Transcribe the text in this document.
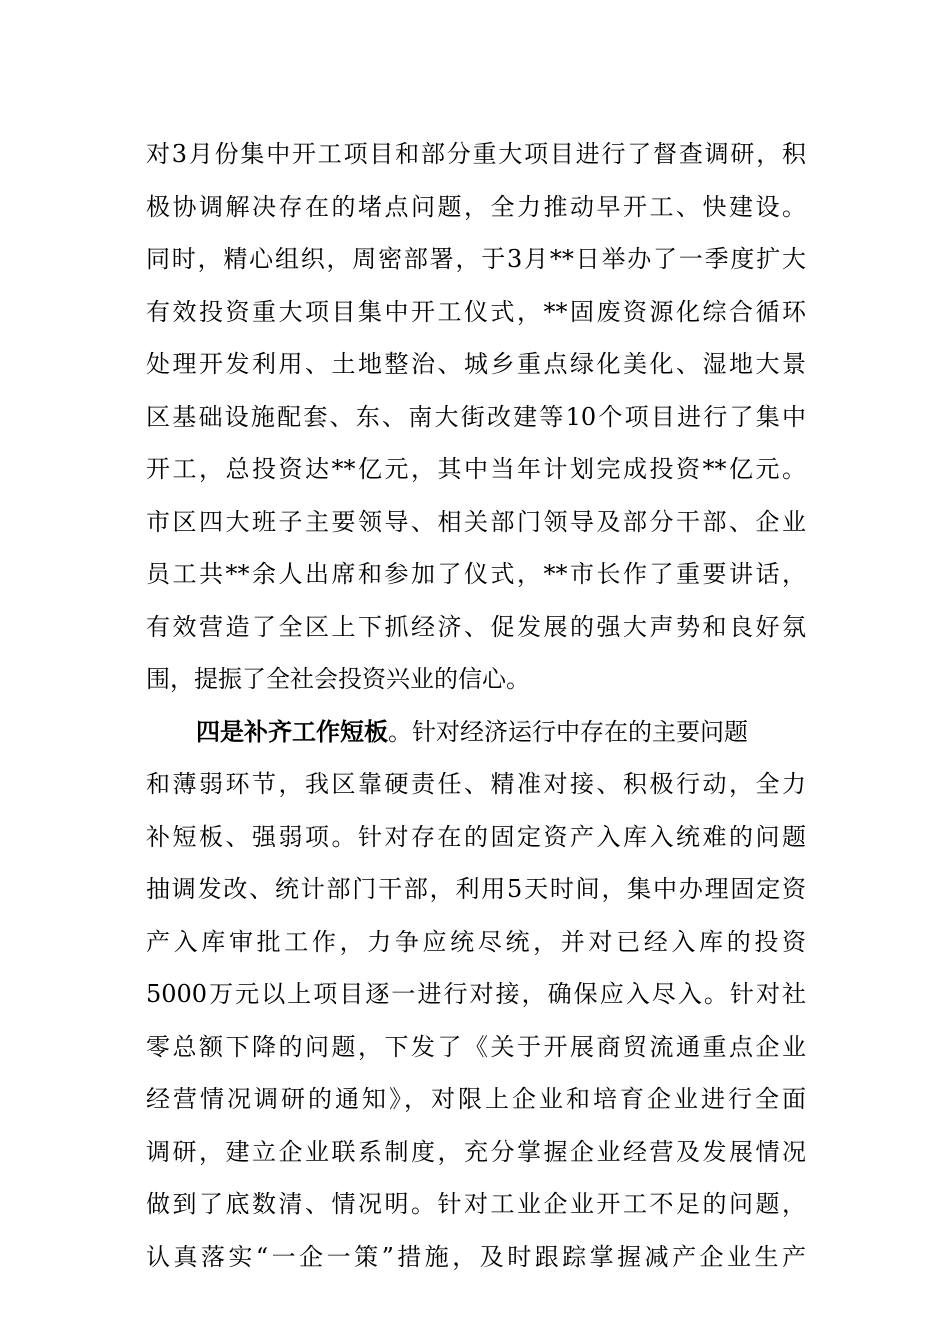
对3月份集中开工项目和部分重大项目进行了督查调研，积
极协调解决存在的堵点问题，全力推动早开工、快建设。
同时，精心组织，周密部署，于3月**日举办了一季度扩大
有效投资重大项目集中开工仪式，**固废资源化综合循环
处理开发利用、土地整治、城乡重点绿化美化、湿地大景
区基础设施配套、东、南大街改建等10个项目进行了集中
开工，总投资达**亿元，其中当年计划完成投资**亿元。
市区四大班子主要领导、相关部门领导及部分干部、企业
员工共**余人出席和参加了仪式，**市长作了重要讲话，
有效营造了全区上下抓经济、促发展的强大声势和良好氛
围，提振了全社会投资兴业的信心。
四是补齐工作短板。针对经济运行中存在的主要问题
和薄弱环节，我区靠硬责任、精准对接、积极行动，全力
补短板、强弱项。针对存在的固定资产入库入统难的问题
抽调发改、统计部门干部，利用5天时间，集中办理固定资
产入库审批工作，力争应统尽统，并对已经入库的投资
5000万元以上项目逐一进行对接，确保应入尽入。针对社
零总额下降的问题，下发了《关于开展商贸流通重点企业
经营情况调研的通知》，对限上企业和培育企业进行全面
调研，建立企业联系制度，充分掌握企业经营及发展情况
做到了底数清、情况明。针对工业企业开工不足的问题，
认真落实“一企一策”措施，及时跟踪掌握减产企业生产
